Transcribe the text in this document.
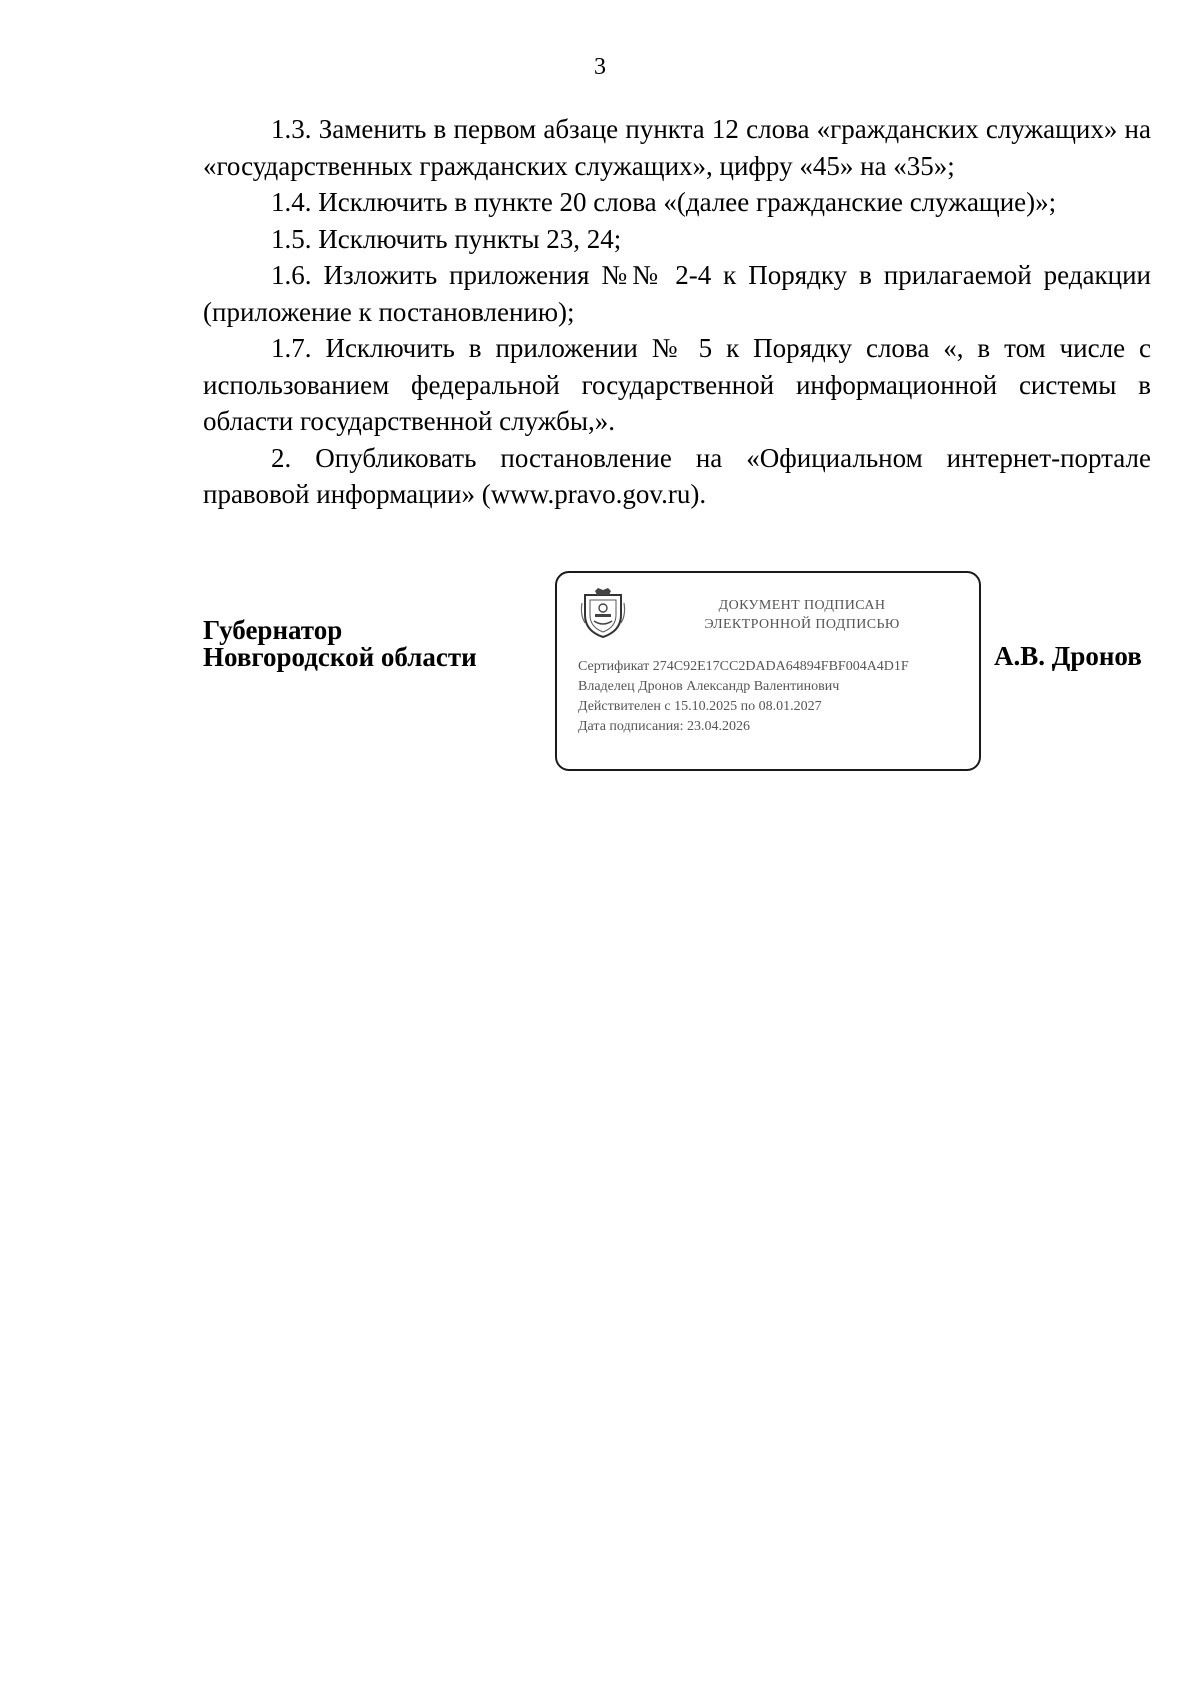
3

1.3. Заменить в первом абзаце пункта 12 слова «гражданских служащих» на «государственных гражданских служащих», цифру «45» на «35»;

1.4. Исключить в пункте 20 слова «(далее гражданские служащие)»;

1.5. Исключить пункты 23, 24;

1.6. Изложить приложения №№ 2-4 к Порядку в прилагаемой редакции (приложение к постановлению);

1.7. Исключить в приложении № 5 к Порядку слова «, в том числе с использованием федеральной государственной информационной системы в области государственной службы,».

2. Опубликовать постановление на «Официальном интернет-портале правовой информации» (www.pravo.gov.ru).

Губернатор
Новгородской области
ДОКУМЕНТ ПОДПИСАН
ЭЛЕКТРОННОЙ ПОДПИСЬЮ
Сертификат 274C92E17CC2DADA64894FBF004A4D1F
Владелец Дронов Александр Валентинович
Действителен с 15.10.2025 по 08.01.2027
Дата подписания: 23.04.2026
А.В. Дронов
